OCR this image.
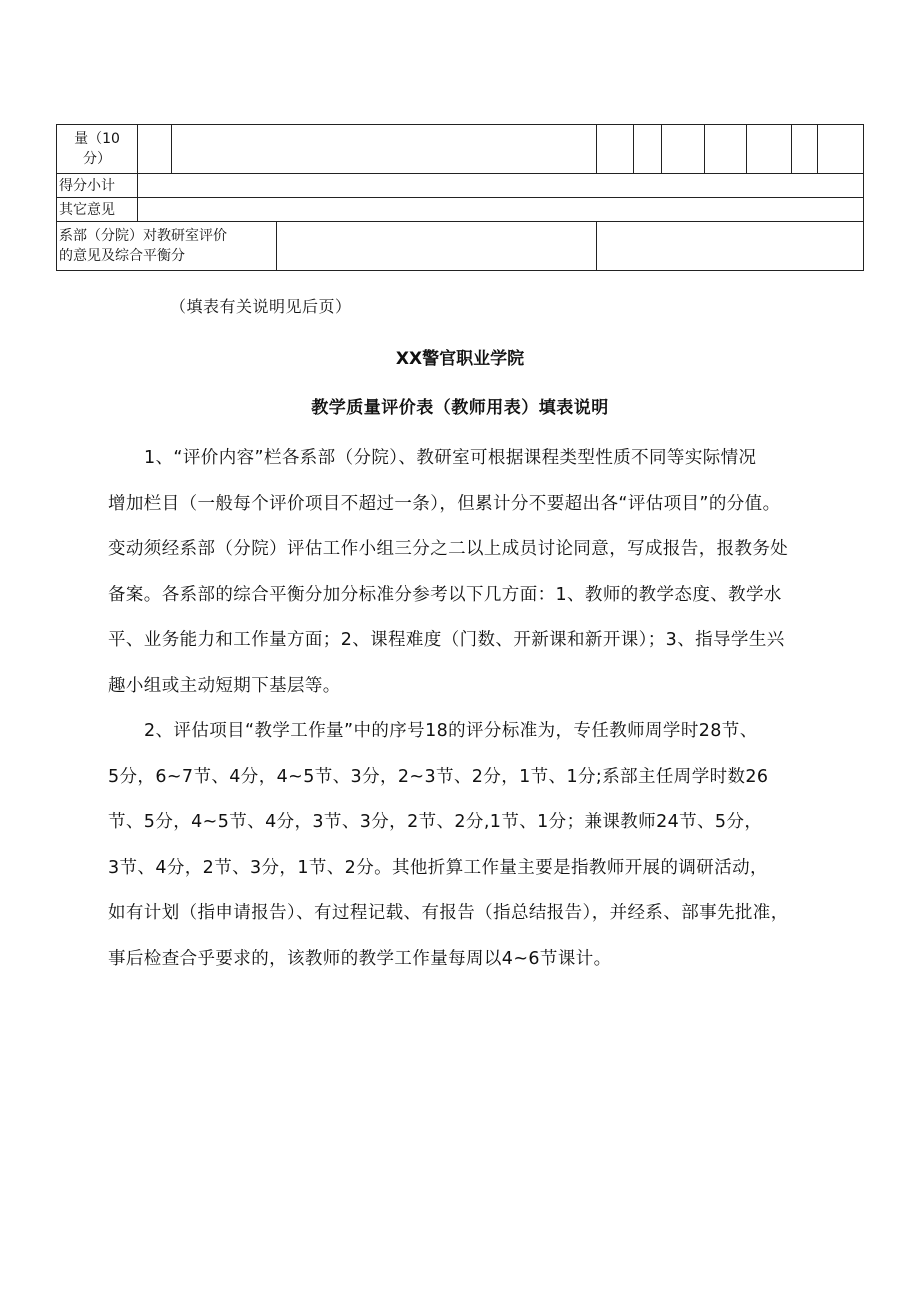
量（10
分）									

得分小计									
其它意见									

系部（分院）对教研室评价
的意见及综合平衡分									

（填表有关说明见后页）
XX警官职业学院
教学质量评价表（教师用表）填表说明
1、“评价内容”栏各系部（分院）、教研室可根据课程类型性质不同等实际情况
增加栏目（一般每个评价项目不超过一条），但累计分不要超出各“评估项目”的分值。
变动须经系部（分院）评估工作小组三分之二以上成员讨论同意，写成报告，报教务处
备案。各系部的综合平衡分加分标准分参考以下几方面：1、教师的教学态度、教学水
平、业务能力和工作量方面；2、课程难度（门数、开新课和新开课）；3、指导学生兴
趣小组或主动短期下基层等。
2、评估项目“教学工作量”中的序号18的评分标准为，专任教师周学时28节、
5分，6~7节、4分，4~5节、3分，2~3节、2分，1节、1分;系部主任周学时数26
节、5分，4~5节、4分，3节、3分，2节、2分,1节、1分；兼课教师24节、5分，
3节、4分，2节、3分，1节、2分。其他折算工作量主要是指教师开展的调研活动，
如有计划（指申请报告）、有过程记载、有报告（指总结报告），并经系、部事先批准，
事后检查合乎要求的，该教师的教学工作量每周以4~6节课计。
